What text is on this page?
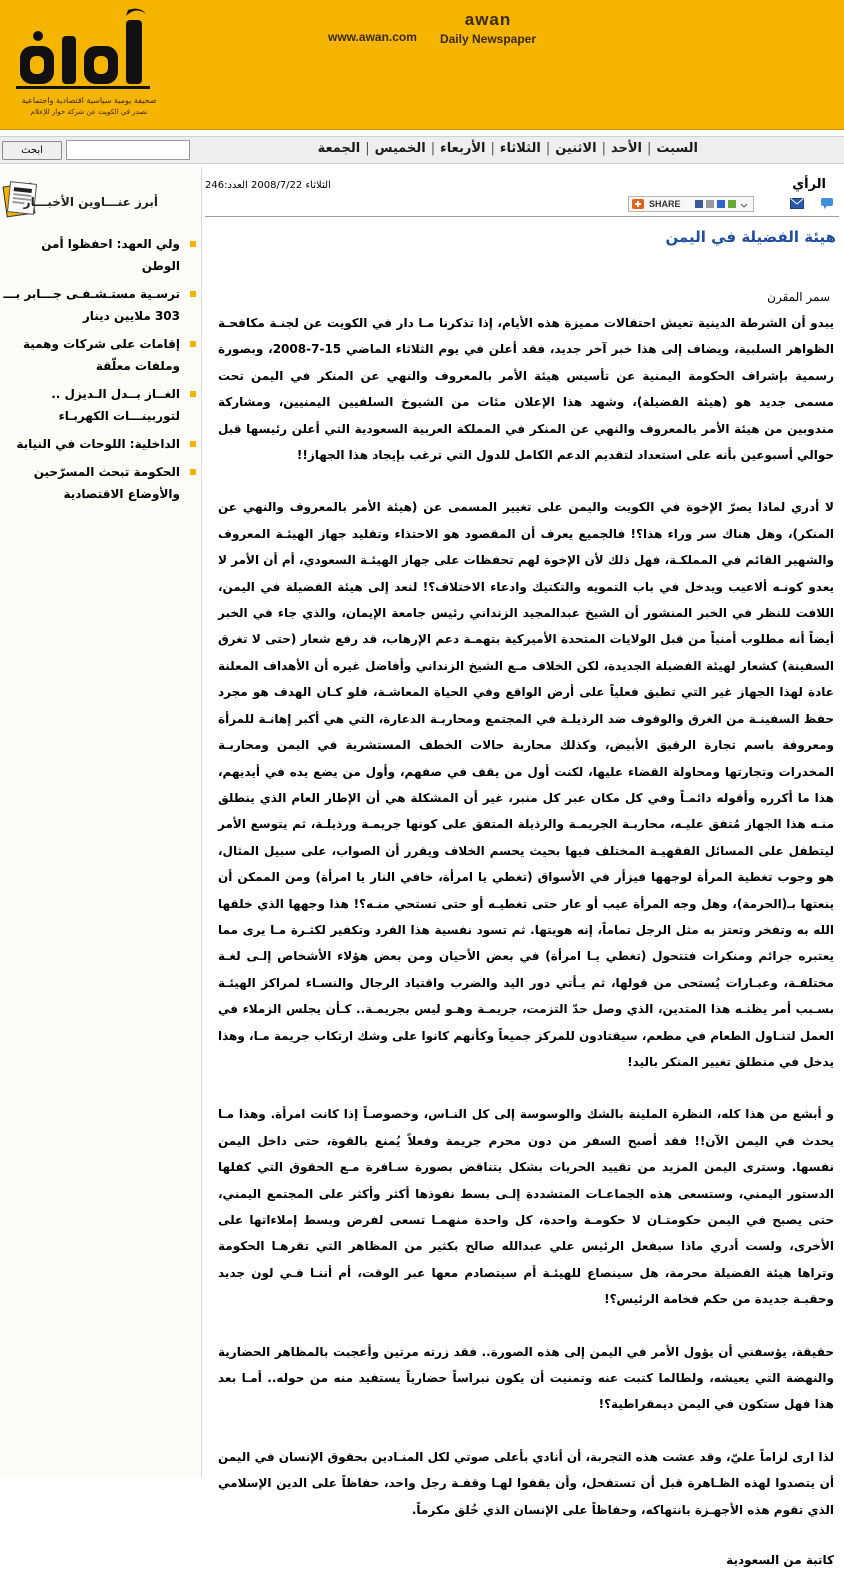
صحيفة يومية سياسية اقتصادية واجتماعية
تصدر في الكويت عن شركة حوار للإعلام
www.awan.com
awan
Daily Newspaper
ابحث	السبت|الأحد|الاثنين|الثلاثاء|الأربعاء|الخميس|الجمعة
أبرز عنـــاوين الأخبـــار
ولي العهد: احفظوا أمن الوطن
ترسـية مستـشـفـى جـــابر بـــ 303 ملايين دينار
إقامات على شركات وهمية وملفات معلّقة
الغــاز بــدل الـديزل .. لتوربينـــات الكهربـاء
الداخلية: اللوحات في النيابة
الحكومة تبحث المسرّحين والأوضاع الاقتصادية
الرأي
الثلاثاء 2008/7/22 العدد:246
SHARE
هيئة الفضيلة في اليمن
سمر المقرن

يبدو أن الشرطة الدينية تعيش احتفالات مميزة هذه الأيام، إذا تذكرنا مـا دار في الكويت عن لجنـة مكافحـة الظواهر السلبية، ويضاف إلى هذا خبر آخر جديد، فقد أعلن في يوم الثلاثاء الماضي 15-7-2008، وبصورة رسمية بإشراف الحكومة اليمنية عن تأسيس هيئة الأمر بالمعروف والنهي عن المنكر في اليمن تحت مسمى جديد هو (هيئة الفضيلة)، وشهد هذا الإعلان مئات من الشيوخ السلفيين اليمنيين، ومشاركة مندوبين من هيئة الأمر بالمعروف والنهي عن المنكر في المملكة العربية السعودية التي أعلن رئيسها قبل حوالي أسبوعين بأنه على استعداد لتقديم الدعم الكامل للدول التي ترغب بإيجاد هذا الجهاز!!

لا أدري لماذا يصرّ الإخوة في الكويت واليمن على تغيير المسمى عن (هيئة الأمر بالمعروف والنهي عن المنكر)، وهل هناك سر وراء هذا؟! فالجميع يعرف أن المقصود هو الاحتذاء وتقليد جهاز الهيئـة المعروف والشهير القائم في المملكـة، فهل ذلك لأن الإخوة لهم تحفظات على جهاز الهيئـة السعودي، أم أن الأمر لا يعدو كونـه ألاعيب ويدخل في باب التمويه والتكتيك وادعاء الاختلاف؟! لنعد إلى هيئة الفضيلة في اليمن، اللافت للنظر في الخبر المنشور أن الشيخ عبدالمجيد الزنداني رئيس جامعة الإيمان، والذي جاء في الخبر أيضاً أنه مطلوب أمنياً من قبل الولايات المتحدة الأميركية بتهمـة دعم الإرهاب، قد رفع شعار (حتى لا تغرق السفينة) كشعار لهيئة الفضيلة الجديدة، لكن الخلاف مـع الشيخ الزنداني وأفاضل غيره أن الأهداف المعلنة عادة لهذا الجهاز غير التي تطبق فعلياً على أرض الواقع وفي الحياة المعاشـة، فلو كـان الهدف هو مجرد حفظ السفينـة من الغرق والوقوف ضد الرذيلـة في المجتمع ومحاربـة الدعارة، التي هي أكبر إهانـة للمرأة ومعروفة باسم تجارة الرقيق الأبيض، وكذلك محاربة حالات الخطف المستشرية في اليمن ومحاربـة المخدرات وتجارتها ومحاولة القضاء عليها، لكنت أول من يقف في صفهم، وأول من يضع يده في أيديهم، هذا ما أكرره وأقوله دائمـاً وفي كل مكان عبر كل منبر، غير أن المشكلة هي أن الإطار العام الذي ينطلق منـه هذا الجهاز مُتفق عليـه، محاربـة الجريمـة والرذيلة المتفق على كونها جريمـة ورذيلـة، ثم يتوسع الأمر ليتطفل على المسائل الفقهيـة المختلف فيها بحيث يحسم الخلاف ويقرر أن الصواب، على سبيل المثال، هو وجوب تغطية المرأة لوجهها فيزأر في الأسواق (تغطي يا امرأة، خافي النار يا امرأة) ومن الممكن أن ينعتها بـ(الحرمة)، وهل وجه المرأة عيب أو عار حتى تغطيـه أو حتى تستحي منـه؟! هذا وجهها الذي خلقها الله به وتفخر وتعتز به مثل الرجل تماماً، إنه هويتها. ثم تسود نفسية هذا الفرد وتكفير لكثـرة مـا يرى مما يعتبره جرائم ومنكرات فتتحول (تغطي يـا امرأة) في بعض الأحيان ومن بعض هؤلاء الأشخاص إلـى لغـة مختلفـة، وعبـارات يُستحى من قولها، ثم يـأتي دور اليد والضرب واقتياد الرجال والنسـاء لمراكز الهيئـة بسـبب أمر يظنـه هذا المتدين، الذي وصل حدّ التزمت، جريمـة وهـو ليس بجريمـة.. كـأن يجلس الزملاء في العمل لتنـاول الطعام في مطعم، سيقتادون للمركز جميعاً وكأنهم كانوا على وشك ارتكاب جريمة مـا، وهذا يدخل في منطلق تغيير المنكر باليد!

و أبشع من هذا كله، النظرة الملينة بالشك والوسوسة إلى كل النـاس، وخصوصـاً إذا كانت امرأة. وهذا مـا يحدث في اليمن الآن!! فقد أصبح السفر من دون محرم جريمة وفعلاً يُمنع بالقوة، حتى داخل اليمن نفسها. وسترى اليمن المزيد من تقييد الحريات بشكل يتناقض بصورة سـافرة مـع الحقوق التي كفلها الدستور اليمني، وستسعى هذه الجماعـات المتشددة إلـى بسط نفوذها أكثر وأكثر على المجتمع اليمني، حتى يصبح في اليمن حكومتـان لا حكومـة واحدة، كل واحدة منهمـا تسعى لفرض وبسط إملاءاتها على الأخرى، ولست أدري ماذا سيفعل الرئيس علي عبدالله صالح بكثير من المظاهر التي تقرهـا الحكومة وتراها هيئة الفضيلة محرمة، هل سينصاع للهيئـة أم سيتصادم معها عبر الوقت، أم أننـا فـي لون جديد وحقبـة جديدة من حكم فخامة الرئيس؟!

حقيقة، يؤسفني أن يؤول الأمر في اليمن إلى هذه الصورة.. فقد زرته مرتين وأعجبت بالمظاهر الحضارية والنهضة التي يعيشه، ولطالما كتبت عنه وتمنيت أن يكون نبراساً حضارياً يستفيد منه من حوله.. أمـا بعد هذا فهل ستكون في اليمن ديمقراطية؟!

لذا ارى لزاماً عليّ، وقد عشت هذه التجربة، أن أنادي بأعلى صوتي لكل المنـادين بحقوق الإنسان في اليمن أن يتصدوا لهذه الظـاهرة قبل أن تستفحل، وأن يقفوا لهـا وقفـة رجل واحد، حفاظاً على الدين الإسلامي الذي تقوم هذه الأجهـزة بانتهاكه، وحفاظاً على الإنسان الذي خُلق مكرماً.

كاتبة من السعودية
